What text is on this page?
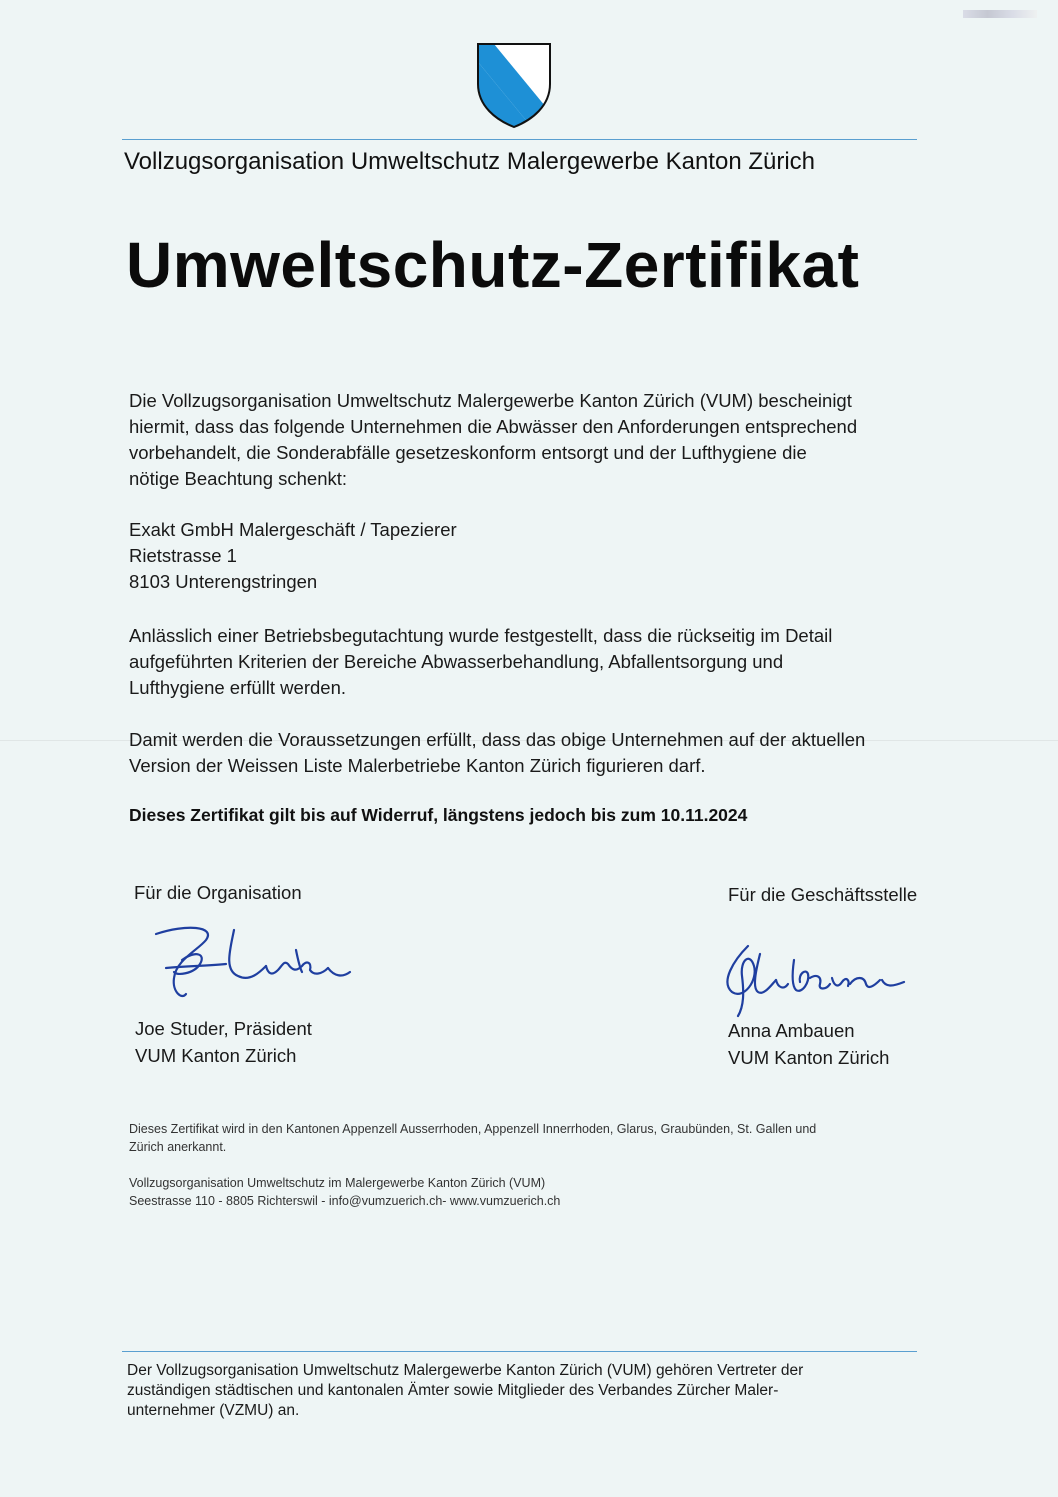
Vollzugsorganisation Umweltschutz Malergewerbe Kanton Zürich
Umweltschutz-Zertifikat
Die Vollzugsorganisation Umweltschutz Malergewerbe Kanton Zürich (VUM) bescheinigt
hiermit, dass das folgende Unternehmen die Abwässer den Anforderungen entsprechend
vorbehandelt, die Sonderabfälle gesetzeskonform entsorgt und der Lufthygiene die
nötige Beachtung schenkt:
Exakt GmbH Malergeschäft / Tapezierer
Rietstrasse 1
8103 Unterengstringen
Anlässlich einer Betriebsbegutachtung wurde festgestellt, dass die rückseitig im Detail
aufgeführten Kriterien der Bereiche Abwasserbehandlung, Abfallentsorgung und
Lufthygiene erfüllt werden.
Damit werden die Voraussetzungen erfüllt, dass das obige Unternehmen auf der aktuellen
Version der Weissen Liste Malerbetriebe Kanton Zürich figurieren darf.
Dieses Zertifikat gilt bis auf Widerruf, längstens jedoch bis zum 10.11.2024
Für die Organisation	Für die Geschäftsstelle
Joe Studer, Präsident
VUM Kanton Zürich
Anna Ambauen
VUM Kanton Zürich
Dieses Zertifikat wird in den Kantonen Appenzell Ausserrhoden, Appenzell Innerrhoden, Glarus, Graubünden, St. Gallen und
Zürich anerkannt.
Vollzugsorganisation Umweltschutz im Malergewerbe Kanton Zürich (VUM)
Seestrasse 110 - 8805 Richterswil - info@vumzuerich.ch- www.vumzuerich.ch
Der Vollzugsorganisation Umweltschutz Malergewerbe Kanton Zürich (VUM) gehören Vertreter der
zuständigen städtischen und kantonalen Ämter sowie Mitglieder des Verbandes Zürcher Maler-
unternehmer (VZMU) an.
